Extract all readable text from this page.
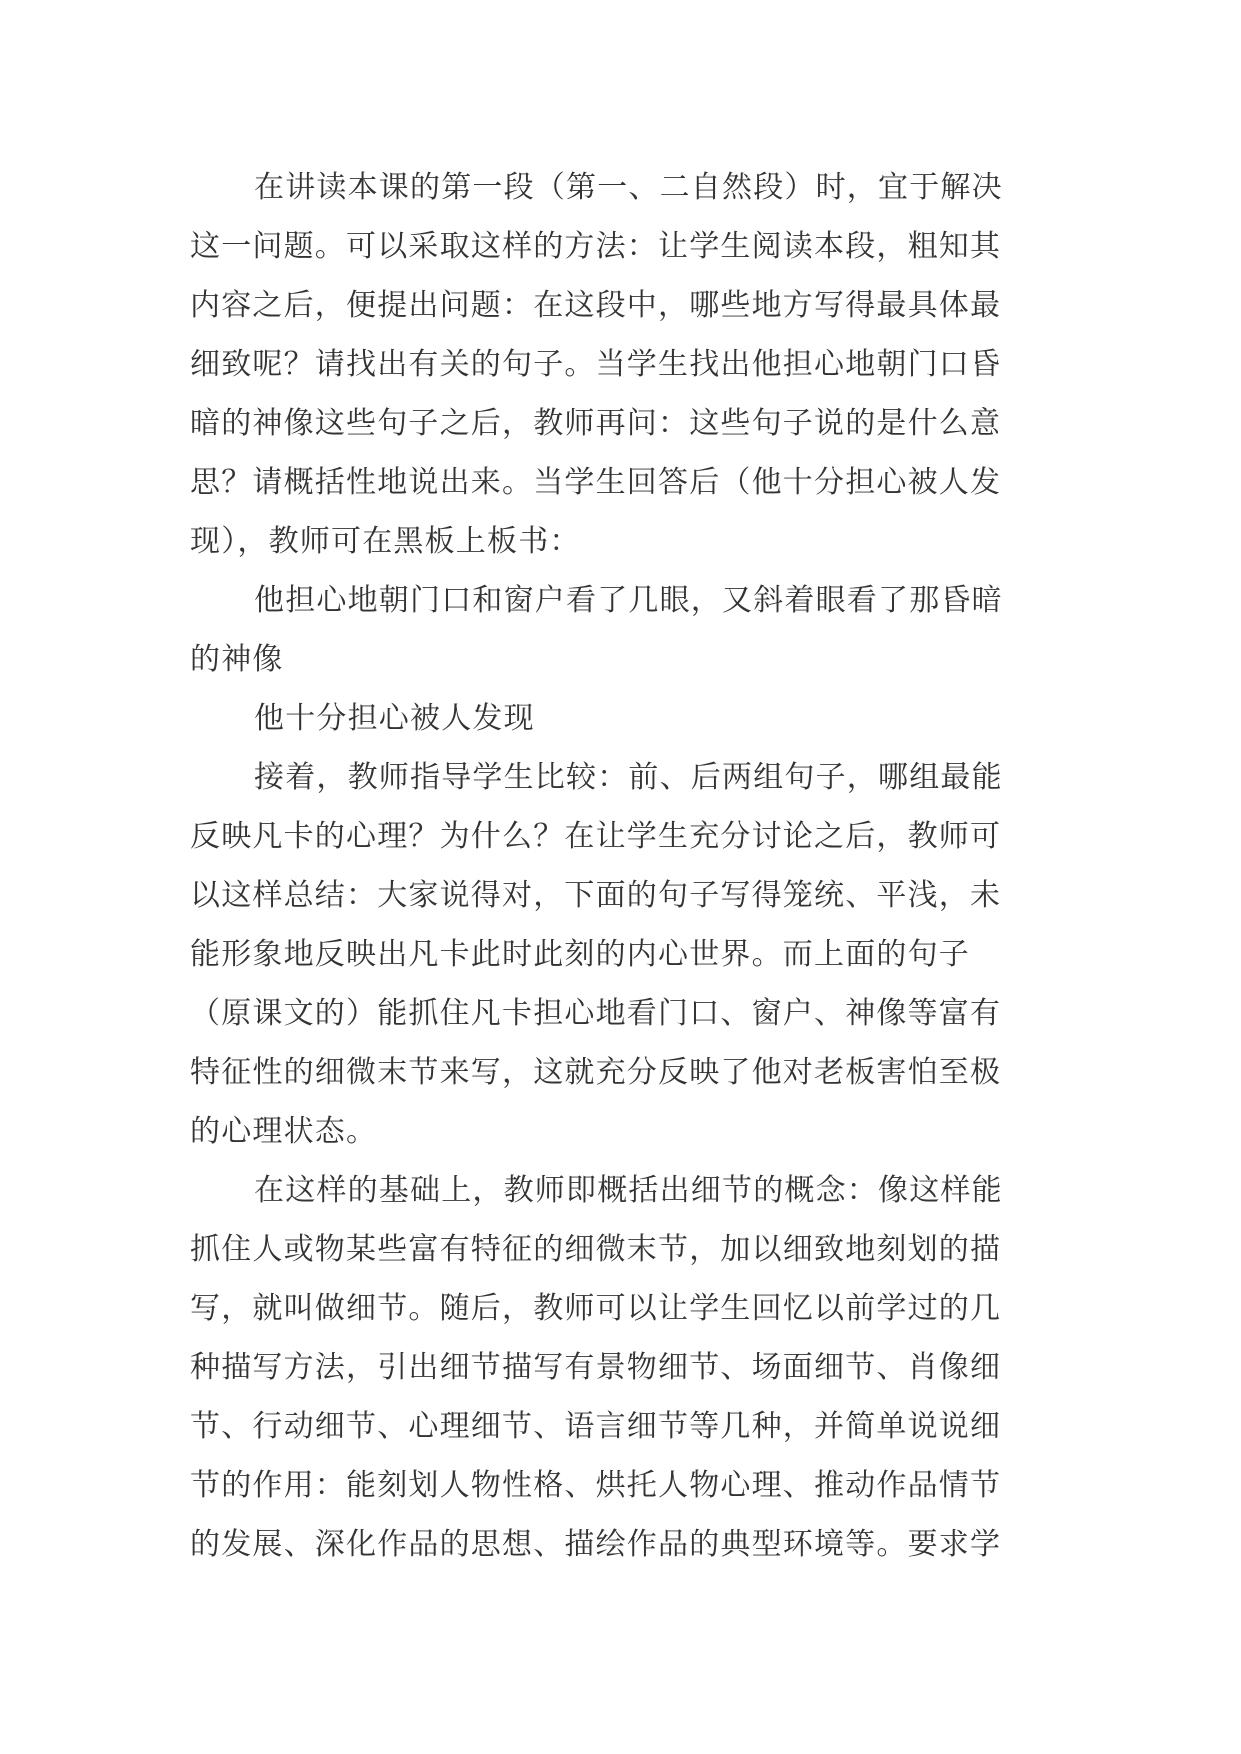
在讲读本课的第一段（第一、二自然段）时，宜于解决
这一问题。可以采取这样的方法：让学生阅读本段，粗知其
内容之后，便提出问题：在这段中，哪些地方写得最具体最
细致呢？请找出有关的句子。当学生找出他担心地朝门口昏
暗的神像这些句子之后，教师再问：这些句子说的是什么意
思？请概括性地说出来。当学生回答后（他十分担心被人发
现），教师可在黑板上板书：
他担心地朝门口和窗户看了几眼，又斜着眼看了那昏暗
的神像
他十分担心被人发现
接着，教师指导学生比较：前、后两组句子，哪组最能
反映凡卡的心理？为什么？在让学生充分讨论之后，教师可
以这样总结：大家说得对，下面的句子写得笼统、平浅，未
能形象地反映出凡卡此时此刻的内心世界。而上面的句子
（原课文的）能抓住凡卡担心地看门口、窗户、神像等富有
特征性的细微末节来写，这就充分反映了他对老板害怕至极
的心理状态。
在这样的基础上，教师即概括出细节的概念：像这样能
抓住人或物某些富有特征的细微末节，加以细致地刻划的描
写，就叫做细节。随后，教师可以让学生回忆以前学过的几
种描写方法，引出细节描写有景物细节、场面细节、肖像细
节、行动细节、心理细节、语言细节等几种，并简单说说细
节的作用：能刻划人物性格、烘托人物心理、推动作品情节
的发展、深化作品的思想、描绘作品的典型环境等。要求学
